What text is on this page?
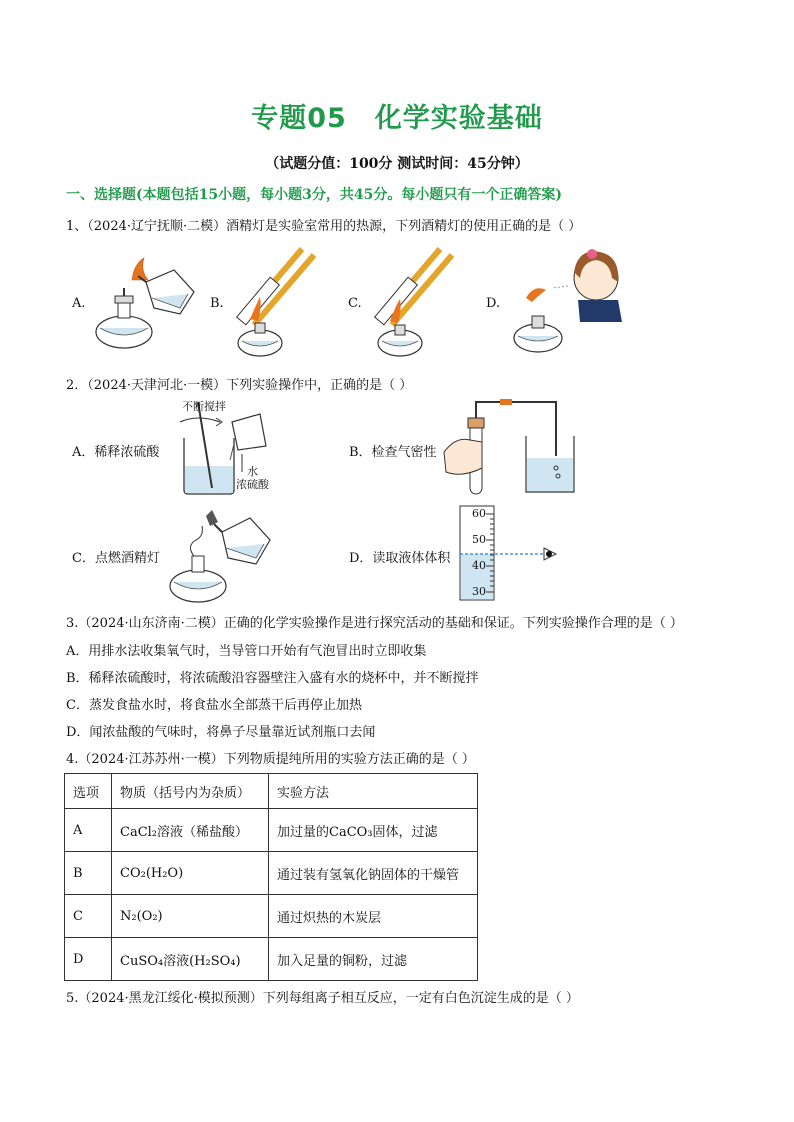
专题05 化学实验基础
（试题分值：100分 测试时间：45分钟）
一、选择题(本题包括15小题，每小题3分，共45分。每小题只有一个正确答案)
1、（2024·辽宁抚顺·二模）酒精灯是实验室常用的热源，下列酒精灯的使用正确的是（ ）
A.	B.	C.	D.
2．（2024·天津河北·一模）下列实验操作中，正确的是（ ）
A．稀释浓硫酸	B．检查气密性
C．点燃酒精灯	D．读取液体体积
不断搅拌
水
浓硫酸
60
50
40
30
3.（2024·山东济南·二模）正确的化学实验操作是进行探究活动的基础和保证。下列实验操作合理的是（ ）
A．用排水法收集氧气时，当导管口开始有气泡冒出时立即收集
B．稀释浓硫酸时，将浓硫酸沿容器壁注入盛有水的烧杯中，并不断搅拌
C．蒸发食盐水时，将食盐水全部蒸干后再停止加热
D．闻浓盐酸的气味时，将鼻子尽量靠近试剂瓶口去闻
4.（2024·江苏苏州·一模）下列物质提纯所用的实验方法正确的是（ ）
选项	物质（括号内为杂质）	实验方法
A	CaCl₂溶液（稀盐酸）	加过量的CaCO₃固体，过滤
B	CO₂(H₂O)	通过装有氢氧化钠固体的干燥管
C	N₂(O₂)	通过炽热的木炭层
D	CuSO₄溶液(H₂SO₄)	加入足量的铜粉，过滤
5.（2024·黑龙江绥化·模拟预测）下列每组离子相互反应，一定有白色沉淀生成的是（ ）
